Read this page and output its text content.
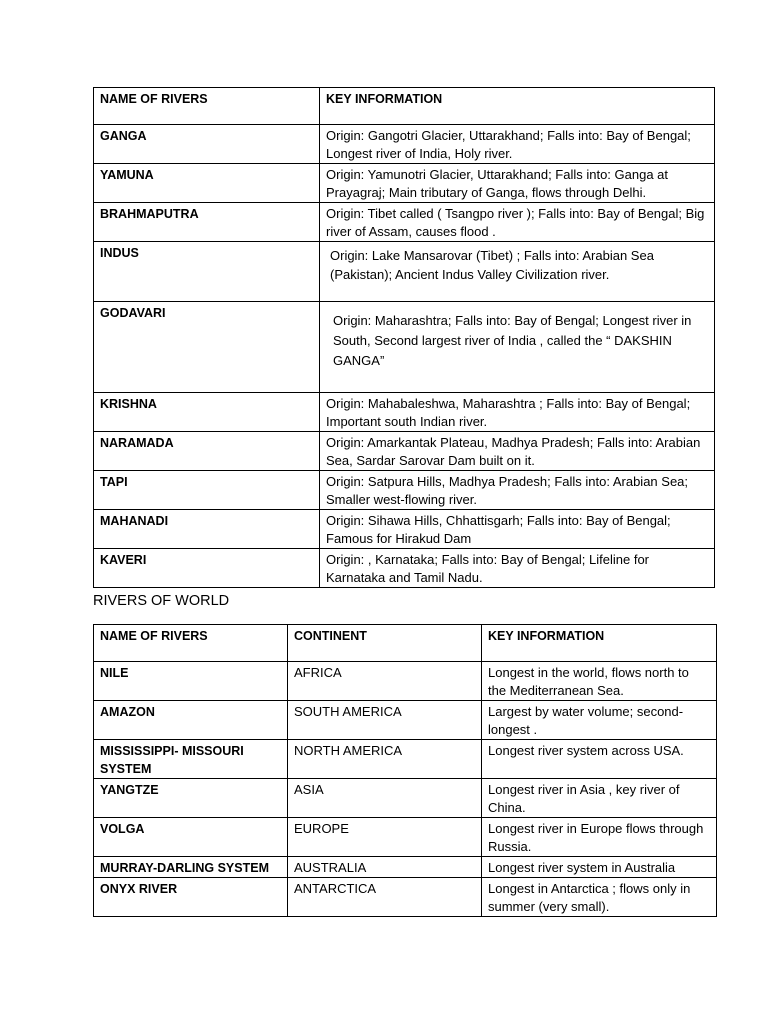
NAME OF RIVERS	KEY INFORMATION
GANGA	Origin: Gangotri Glacier, Uttarakhand; Falls into: Bay of Bengal; Longest river of India, Holy river.
YAMUNA	Origin: Yamunotri Glacier, Uttarakhand; Falls into: Ganga at Prayagraj; Main tributary of Ganga, flows through Delhi.
BRAHMAPUTRA	Origin: Tibet called ( Tsangpo river ); Falls into: Bay of Bengal; Big river of Assam, causes flood .
INDUS	Origin: Lake Mansarovar (Tibet) ; Falls into: Arabian Sea (Pakistan); Ancient Indus Valley Civilization river.
GODAVARI	Origin: Maharashtra; Falls into: Bay of Bengal; Longest river in South, Second largest river of India , called the “ DAKSHIN GANGA”
KRISHNA	Origin: Mahabaleshwa, Maharashtra ; Falls into: Bay of Bengal; Important south Indian river.
NARAMADA	Origin: Amarkantak Plateau, Madhya Pradesh; Falls into: Arabian Sea, Sardar Sarovar Dam built on it.
TAPI	Origin: Satpura Hills, Madhya Pradesh; Falls into: Arabian Sea; Smaller west-flowing river.
MAHANADI	Origin: Sihawa Hills, Chhattisgarh; Falls into: Bay of Bengal; Famous for Hirakud Dam
KAVERI	Origin: , Karnataka; Falls into: Bay of Bengal; Lifeline for Karnataka and Tamil Nadu.
RIVERS OF WORLD
NAME OF RIVERS	CONTINENT	KEY INFORMATION
NILE	AFRICA	Longest in the world, flows north to the Mediterranean Sea.
AMAZON	SOUTH AMERICA	Largest by water volume; second-longest .
MISSISSIPPI- MISSOURI SYSTEM	NORTH AMERICA	Longest river system across USA.
YANGTZE	ASIA	Longest river in Asia , key river of China.
VOLGA	EUROPE	Longest river in Europe flows through Russia.
MURRAY-DARLING SYSTEM	AUSTRALIA	Longest river system in Australia
ONYX RIVER	ANTARCTICA	Longest in Antarctica ; flows only in summer (very small).
